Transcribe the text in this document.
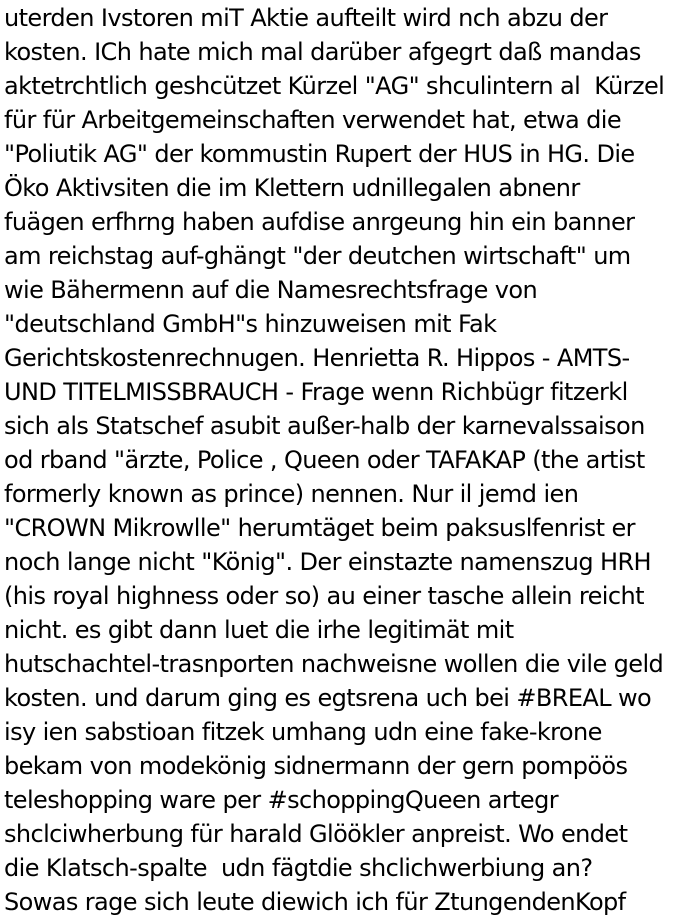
uterden Ivstoren miT Aktie aufteilt wird nch abzu der
kosten. ICh hate mich mal darüber afgegrt daß mandas
aktetrchtlich geshcützet Kürzel "AG" shculintern al  Kürzel
für für Arbeitgemeinschaften verwendet hat, etwa die
"Poliutik AG" der kommustin Rupert der HUS in HG. Die
Öko Aktivsiten die im Klettern udnillegalen abnenr
fuägen erfhrng haben aufdise anrgeung hin ein banner
am reichstag auf-ghängt "der deutchen wirtschaft" um
wie Bähermenn auf die Namesrechtsfrage von
"deutschland GmbH"s hinzuweisen mit Fak
Gerichtskostenrechnugen. Henrietta R. Hippos - AMTS-
UND TITELMISSBRAUCH - Frage wenn Richbügr fitzerkl
sich als Statschef asubit außer-halb der karnevalssaison
od rband "ärzte, Police , Queen oder TAFAKAP (the artist
formerly known as prince) nennen. Nur il jemd ien
"CROWN Mikrowlle" herumtäget beim paksuslfenrist er
noch lange nicht "König". Der einstazte namenszug HRH
(his royal highness oder so) au einer tasche allein reicht
nicht. es gibt dann luet die irhe legitimät mit
hutschachtel-trasnporten nachweisne wollen die vile geld
kosten. und darum ging es egtsrena uch bei #BREAL wo
isy ien sabstioan fitzek umhang udn eine fake-krone
bekam von modekönig sidnermann der gern pompöös
teleshopping ware per #schoppingQueen artegr
shclciwherbung für harald Glöökler anpreist. Wo endet
die Klatsch-spalte  udn fägtdie shclichwerbiung an?
Sowas rage sich leute diewich ich für ZtungendenKopf
